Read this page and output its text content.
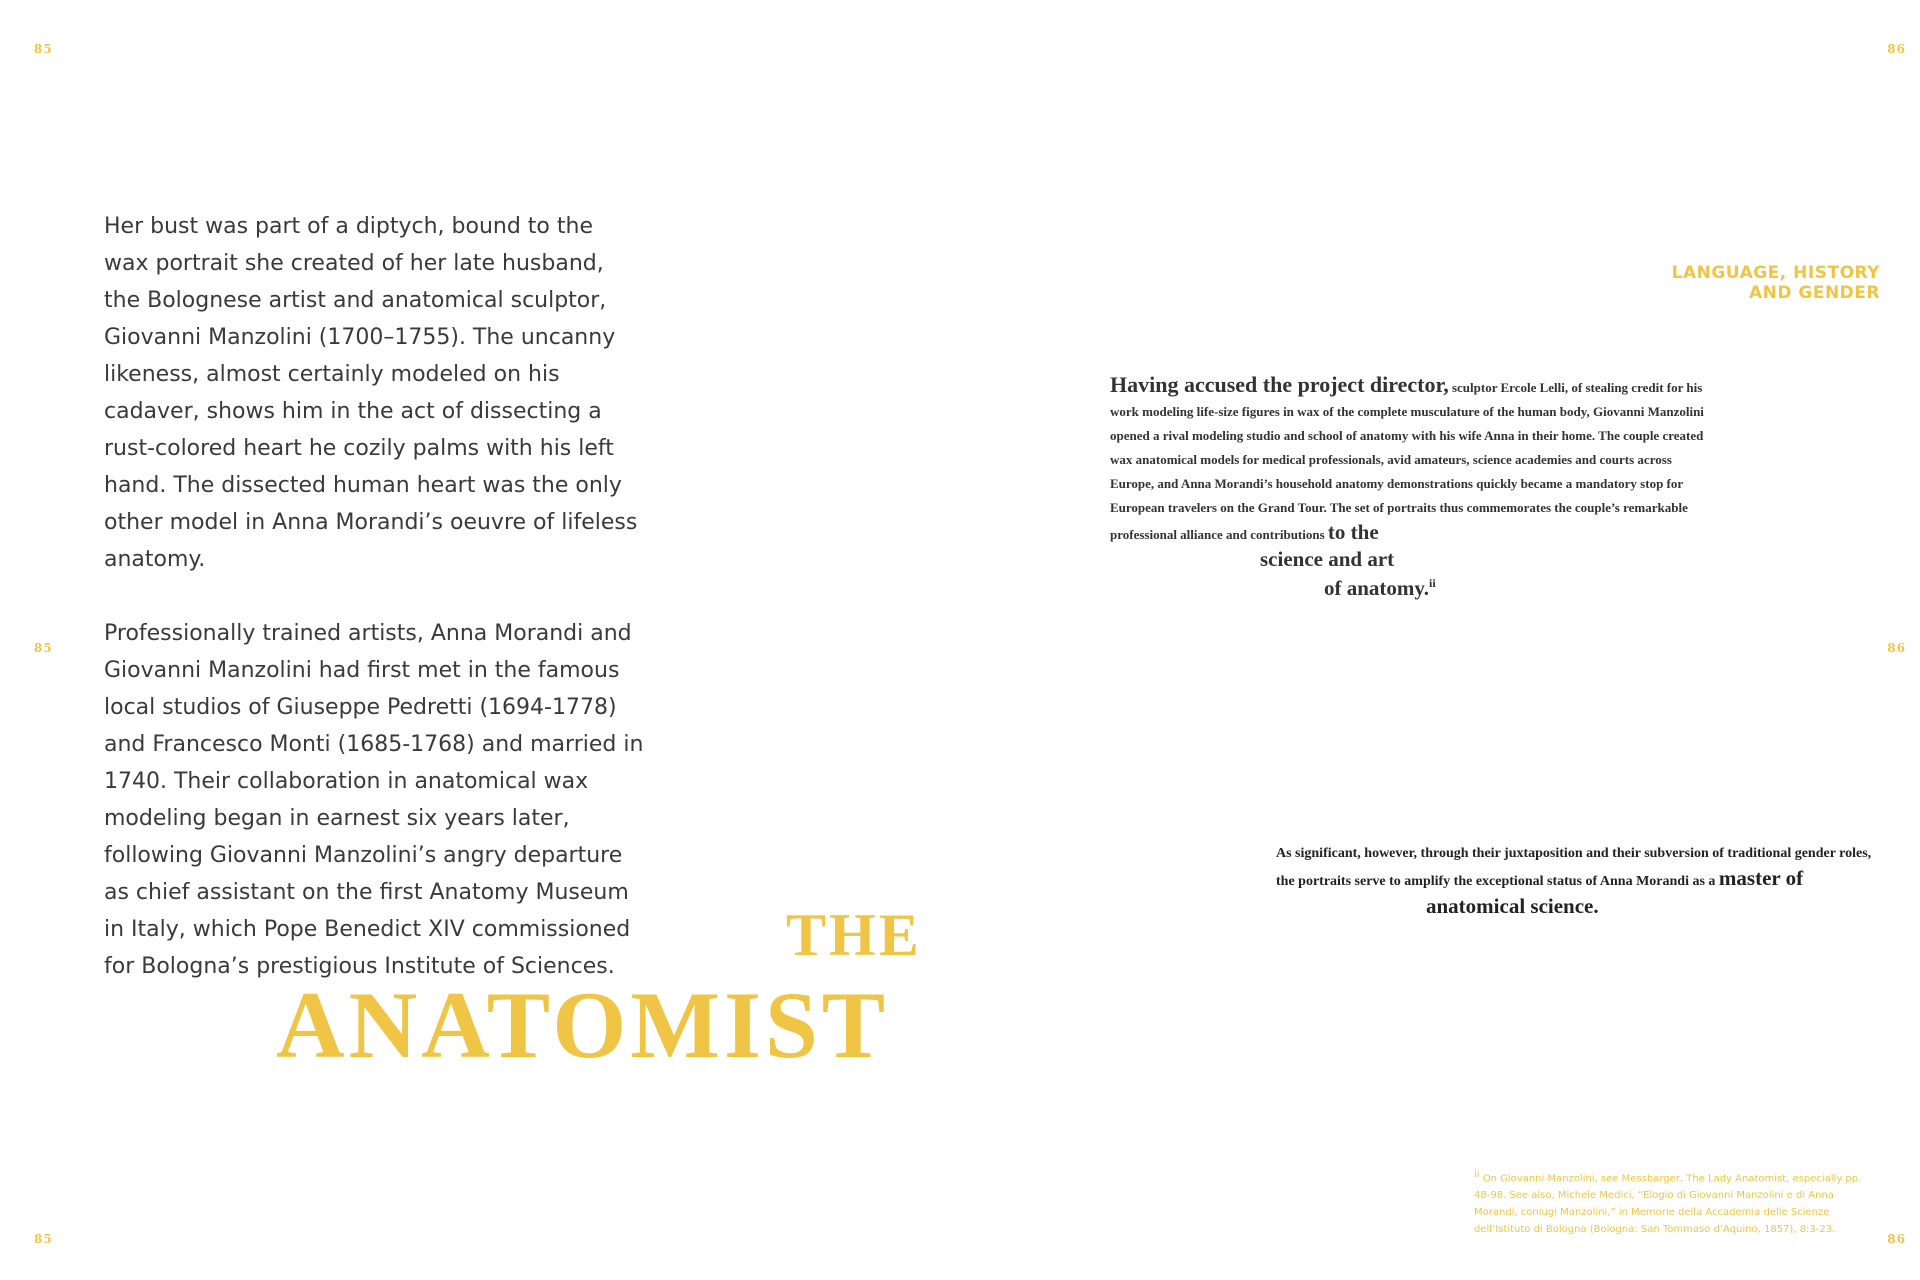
85
85
85
86
86
86
THE
ANATOMIST

Her bust was part of a diptych, bound to the wax portrait she created of her late husband, the Bolognese artist and anatomical sculptor, Giovanni Manzolini (1700–1755). The uncanny likeness, almost certainly modeled on his cadaver, shows him in the act of dissecting a rust-colored heart he cozily palms with his left hand. The dissected human heart was the only other model in Anna Morandi’s oeuvre of lifeless anatomy.

Professionally trained artists, Anna Morandi and Giovanni Manzolini had first met in the famous local studios of Giuseppe Pedretti (1694-1778) and Francesco Monti (1685-1768) and married in 1740. Their collaboration in anatomical wax modeling began in earnest six years later, following Giovanni Manzolini’s angry departure as chief assistant on the first Anatomy Museum in Italy, which Pope Benedict XIV commissioned for Bologna’s prestigious Institute of Sciences.

LANGUAGE, HISTORY
AND GENDER
Having accused the project director, sculptor Ercole Lelli, of stealing credit for his work modeling life-size figures in wax of the complete musculature of the human body, Giovanni Manzolini opened a rival modeling studio and school of anatomy with his wife Anna in their home. The couple created wax anatomical models for medical professionals, avid amateurs, science academies and courts across Europe, and Anna Morandi’s household anatomy demonstrations quickly became a mandatory stop for European travelers on the Grand Tour. The set of portraits thus commemorates the couple’s remarkable professional alliance and contributions to the
science and art
of anatomy.$^{ii}$
As significant, however, through their juxtaposition and their subversion of traditional gender roles, the portraits serve to amplify the exceptional status of Anna Morandi as a master of
anatomical science.
$^{ii}$ On Giovanni Manzolini, see Messbarger, The Lady Anatomist, especially pp. 48-98. See also, Michele Medici, “Elogio di Giovanni Manzolini e di Anna Morandi, coniugi Manzolini,” in Memorie della Accademia delle Scienze dell’Istituto di Bologna (Bologna: San Tommaso d’Aquino, 1857), 8:3-23.
